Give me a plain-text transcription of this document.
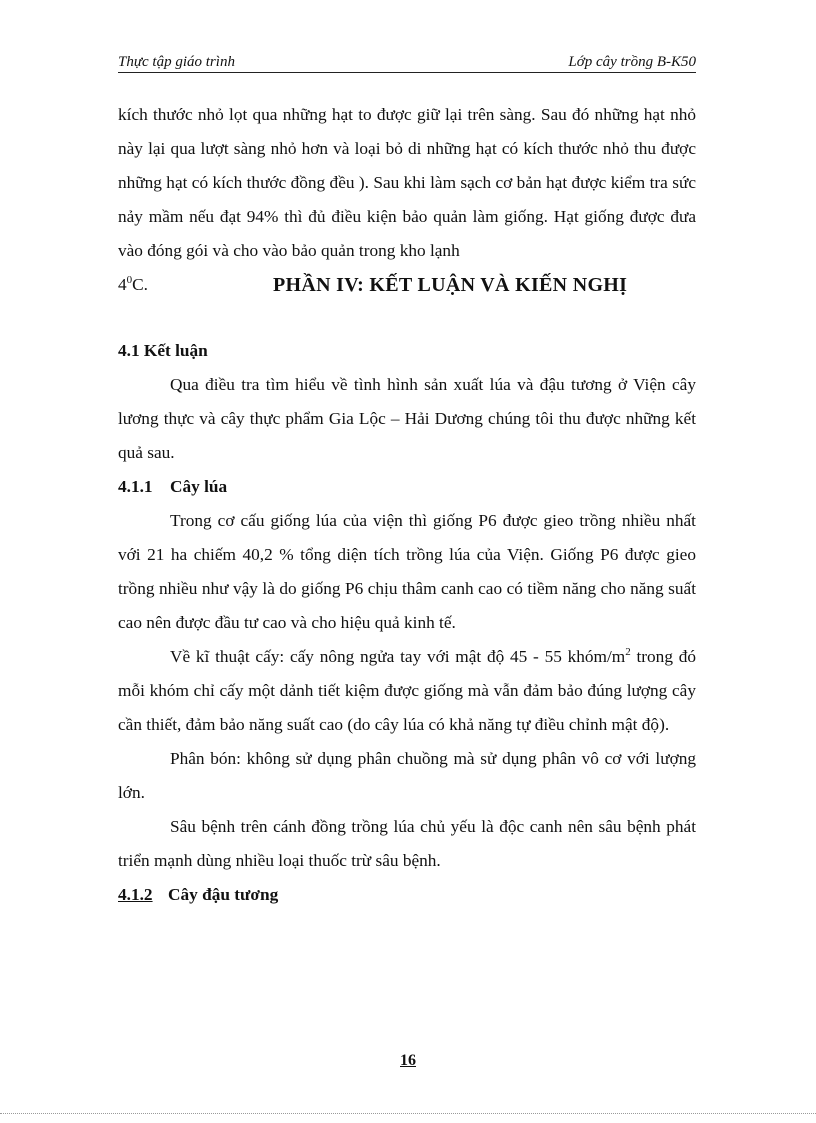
Thực tập giáo trình	Lớp cây trồng B-K50

kích thước nhỏ lọt qua những hạt to được giữ lại trên sàng. Sau đó những hạt nhỏ này lại qua lượt sàng nhỏ hơn và loại bỏ di những hạt có kích thước nhỏ thu được những hạt có kích thước đồng đều ). Sau khi làm sạch cơ bản hạt được kiểm tra sức nảy mầm nếu đạt 94% thì đủ điều kiện bảo quản làm giống. Hạt giống được đưa vào đóng gói và cho vào bảo quản trong kho lạnh

$4^0C$.	PHẦN IV: KẾT LUẬN VÀ KIẾN NGHỊ

4.1 Kết luận

Qua điều tra tìm hiểu về tình hình sản xuất lúa và đậu tương ở Viện cây lương thực và cây thực phẩm Gia Lộc – Hải Dương chúng tôi thu được những kết quả sau.

4.1.1 Cây lúa

Trong cơ cấu giống lúa của viện thì giống P6 được gieo trồng nhiều nhất với 21 ha chiếm 40,2 % tổng diện tích trồng lúa của Viện. Giống P6 được gieo trồng nhiều như vậy là do giống P6 chịu thâm canh cao có tiềm năng cho năng suất cao nên được đầu tư cao và cho hiệu quả kinh tế.

Về kĩ thuật cấy: cấy nông ngửa tay với mật độ 45 - 55 khóm/$m^2$ trong đó mỗi khóm chỉ cấy một dảnh tiết kiệm được giống mà vẫn đảm bảo đúng lượng cây cần thiết, đảm bảo năng suất cao (do cây lúa có khả năng tự điều chỉnh mật độ).

Phân bón: không sử dụng phân chuồng mà sử dụng phân vô cơ với lượng lớn.

Sâu bệnh trên cánh đồng trồng lúa chủ yếu là độc canh nên sâu bệnh phát triển mạnh dùng nhiều loại thuốc trừ sâu bệnh.

4.1.2 Cây đậu tương

16
